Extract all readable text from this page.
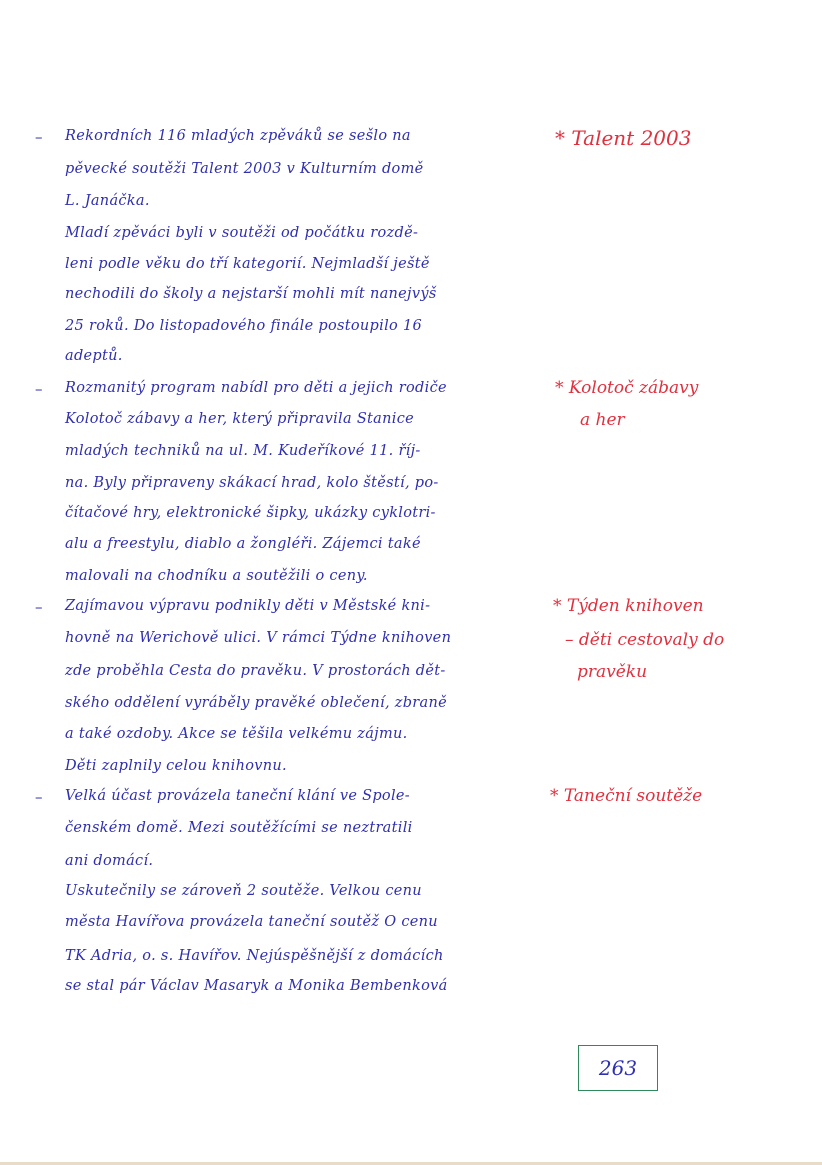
– Rekordních 116 mladých zpěváků se sešlo na
pěvecké soutěži Talent 2003 v Kulturním domě
L. Janáčka.
Mladí zpěváci byli v soutěži od počátku rozdě-
leni podle věku do tří kategorií. Nejmladší ještě
nechodili do školy a nejstarší mohli mít nanejvýš
25 roků. Do listopadového finále postoupilo 16
adeptů.
* Talent 2003
– Rozmanitý program nabídl pro děti a jejich rodiče
Kolotoč zábavy a her, který připravila Stanice
mladých techniků na ul. M. Kudeříkové 11. říj-
na. Byly připraveny skákací hrad, kolo štěstí, po-
čítačové hry, elektronické šipky, ukázky cyklotri-
alu a freestylu, diablo a žongléři. Zájemci také
malovali na chodníku a soutěžili o ceny.
* Kolotoč zábavy
a her
– Zajímavou výpravu podnikly děti v Městské kni-
hovně na Werichově ulici. V rámci Týdne knihoven
zde proběhla Cesta do pravěku. V prostorách dět-
ského oddělení vyráběly pravěké oblečení, zbraně
a také ozdoby. Akce se těšila velkému zájmu.
Děti zaplnily celou knihovnu.
* Týden knihoven
– děti cestovaly do
pravěku
– Velká účast provázela taneční klání ve Spole-
čenském domě. Mezi soutěžícími se neztratili
ani domácí.
Uskutečnily se zároveň 2 soutěže. Velkou cenu
města Havířova provázela taneční soutěž O cenu
TK Adria, o. s. Havířov. Nejúspěšnější z domácích
se stal pár Václav Masaryk a Monika Bembenková
* Taneční soutěže
263
